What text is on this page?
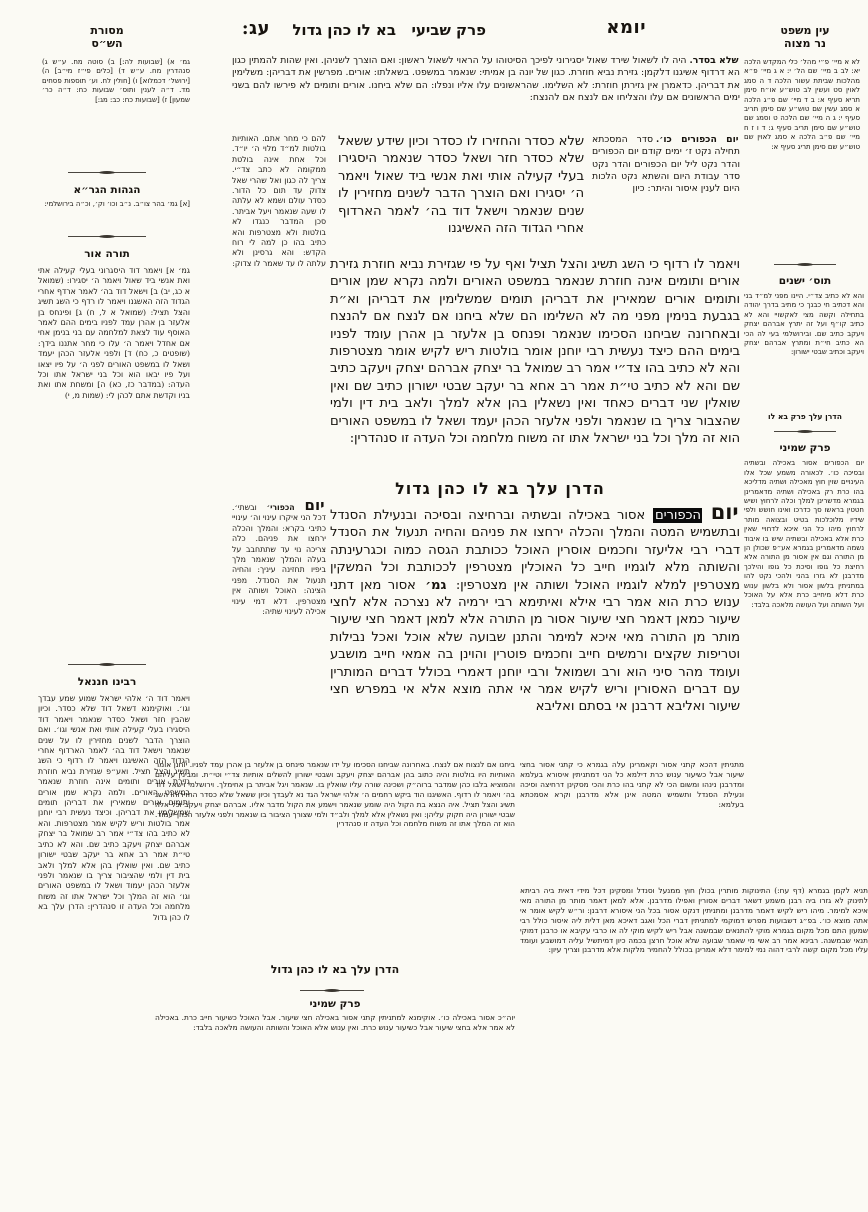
עג: בא לו כהן גדול פרק שביעי	יומא
מסורת
הש״ס
גמ׳ א) [שבועות לה:] ב) סוטה מח. ע״ש ג) סנהדרין מח. ע״ש ד) [כלים פי״ז מי״ב] ה) [ירושל׳ דכמלוא] ו) [חולין לח. וע׳ תוספות פסחים מד. ד״ה לענין ותוס׳ שבועות כח: ד״ה כר׳ שמעון] ז) [שבועות כח: כב: מג:]
הגהות הגר״א
[א] גמ׳ בהר צו״ב. נ״ב וכו׳ וק׳, וכ״ה בירושלמי:
תורה אור
גמ׳ א] ויאמר דוד היסגרוני בעלי קעילה אתי ואת אנשי ביד שאול ויאמר ה׳ יסגירו: (שמואל א כג, יב) ב] וישאל דוד בה׳ לאמר ארדף אחרי הגדוד הזה האשגנו ויאמר לו רדף כי השג תשיג והצל תציל: (שמואל א ל, ח) ג] ופינחס בן אלעזר בן אהרן עמד לפניו בימים ההם לאמר האוסף עוד לצאת למלחמה עם בני בנימן אחי אם אחדל ויאמר ה׳ עלו כי מחר אתננו בידך: (שופטים כ, כח) ד] ולפני אלעזר הכהן יעמד ושאל לו במשפט האורים לפני ה׳ על פיו יצאו ועל פיו יבאו הוא וכל בני ישראל אתו וכל העדה: (במדבר כז, כא) ה] ומשחת אתו ואת בניו וקדשת אתם לכהן לי: (שמות מ, י)
רבינו חננאל
ויאמר דוד ה׳ אלהי ישראל שמוע שמע עבדך וגו׳. ואוקימנא דשאל דוד שלא כסדר. וכיון שהבין חזר ושאל כסדר שנאמר ויאמר דוד היסגירו בעלי קעילה אותי ואת אנשי וגו׳. ואם הוצרך הדבר לשנים מחזירין לו על שנים שנאמר וישאל דוד בה׳ לאמר הארדוף אחרי הגדוד הזה האשיגנו ויאמר לו רדוף כי השג תשיג והצל תציל. ואע״פ שגזירת נביא חוזרת גזירת אורים ותומים אינה חוזרת שנאמר במשפט האורים. ולמה נקרא שמן אורים ותומים אורים שמאירין את דבריהן תומים שמשלימין את דבריהן. וכיצד נעשית רבי יוחנן אמר בולטות וריש לקיש אמר מצטרפות. והא לא כתיב בהו צד״י אמר רב שמואל בר יצחק אברהם יצחק ויעקב כתיב שם. והא לא כתיב טי״ת אמר רב אחא בר יעקב שבטי ישורון כתיב שם. ואין שואלין בהן אלא למלך ולאב בית דין ולמי שהציבור צריך בו שנאמר ולפני אלעזר הכהן יעמוד ושאל לו במשפט האורים וגו׳ הוא זה המלך וכל ישראל אתו זה משוח מלחמה וכל העדה זו סנהדרין: הדרן עלך בא לו כהן גדול
עין משפט
נר מצוה
לא א מיי׳ פ״י מהל׳ כלי המקדש הלכה יא: לב ב מיי׳ שם הל׳ י: א ג מיי׳ פ״א מהלכות שביתת עשור הלכה ד ה סמג לאוין סט ועשין לב טוש״ע או״ח סימן תריא סעיף א: ב ד מיי׳ שם פ״ג הלכה א סמג עשין שם טוש״ע שם סימן תריב סעיף י: ג ה מיי׳ שם הלכה ט וסמג שם טוש״ע שם סימן תריב סעיף ג: ד ו ז ח מיי׳ שם פ״ב הלכה א סמג לאוין שם טוש״ע שם סימן תריג סעיף א:
תוס׳ ישנים
והא לא כתיב צד״י. היינו מפני למ״ד בני והא דכתיב חי כבנך כי מתיב בדרך יהודה בתחילה וקשה מצי לאקשויי והא לא כתיב קו״ף ועל זה יתרץ אברהם יצחק ויעקב כתיב שם. ובירושלמי בעי לה הכי הא כתיב חי״ת ומתרץ אברהם יצחק ויעקב וכתיב שבטי ישורון:
הדרן עלך פרק בא לו
פרק שמיני
יום הכפורים אסור באכילה ובשתיה ובסיכה כו׳. לכאורה משמע שכל אלו העינויים שוין חוץ מאכילה ושתיה מדליכא בהו כרת רק באכילה ושתיה מדאמרינן בגמרא מדשרינן למלך וכלה לרחוץ ושיש חטטין בראשו סך כדרכו ואינו חושש ולפי שידיו מלוכלכות בטיט ובצואה מותר לרחוץ מיהו כל הני איכא לדחויי שאין כרת אלא באכילה ובשתיה שיש בו איבוד נשמה מדאמרינן בגמרא אע״פ שכולן הן מן התורה וגם אין אסור מן התורה אלא רחיצת כל גופו וסיכת כל גופו והילכך מדרבנן לא גזרו בהני ולהכי נקט להו במתניתין בלשון אסור ולא בלשון ענוש כרת דלא מיחייב כרת אלא על האוכל ועל השותה ועל העושה מלאכה בלבד:
שלא בסדר.היה לו לשאול שירד שאול יסגירוני לפיכך הסיטוהו על הראוי לשאול ראשון: ואם הוצרך לשניהן. ואין שהות להמתין כגון הא דרדוף אשיגנו דלקמן: גזירת נביא חוזרת. כגון של יונה בן אמיתי: שנאמר במשפט. בשאלתו: אורים. מפרשין את דבריהן: משלימין את דבריהן. כדאמרן אין גזירתן חוזרת: לא השלימו. שהראשונים עלו אליו ונפלו: הם שלא ביחנו. אורים ותומים לא פירשו להם בשני ימים הראשונים אם עלו והצליחו אם לנצח אם להנצח:
להם כי מחר אתם. האותיות בולטות למ״ד מלוי ה׳ יו״ד. וכל אחת אינה בולטת ממקומה לא כתב צד״י. צריך לה כגון ואל שהרי שאל צדוק עד תום כל הדור. כסדר עולם ושמא לא עלתה לו שעה שנאמר ויעל אביתר. סכן המדבר כנגדו לא בולטות ולא מצטרפות והא כתיב בהו כן למה לי רוח הקדש: והא גרסינן ולא עלתה לו עד שאמר לו צדוק:
שלא כסדר והחזירו לו כסדר וכיון שידע ששאל שלא כסדר חזר ושאל כסדר שנאמר היסגירו בעלי קעילה אותי ואת אנשי ביד שאול ויאמר ה׳ יסגירו ואם הוצרך הדבר לשנים מחזירין לו שנים שנאמר וישאל דוד בה׳ לאמר הארדוף אחרי הגדוד הזה האשיגנו
יום הכפורים כו׳.סדר המסכתא תחילה נקט ז׳ ימים קודם יום הכפורים והדר נקט ליל יום הכפורים והדר נקט סדר עבודת היום והשתא נקט הלכות היום לענין איסור והיתר: כיון
ויאמר לו רדוף כי השג תשיג והצל תציל ואף על פי שגזירת נביא חוזרת גזירת אורים ותומים אינה חוזרת שנאמר במשפט האורים ולמה נקרא שמן אורים ותומים אורים שמאירין את דבריהן תומים שמשלימין את דבריהן וא״ת בגבעת בנימין מפני מה לא השלימו הם שלא ביחנו אם לנצח אם להנצח ובאחרונה שביחנו הסכימו שנאמר ופנחס בן אלעזר בן אהרן עומד לפניו בימים ההם כיצד נעשית רבי יוחנן אומר בולטות ריש לקיש אומר מצטרפות והא לא כתיב בהו צד״י אמר רב שמואל בר יצחק אברהם יצחק ויעקב כתיב שם והא לא כתיב טי״ת אמר רב אחא בר יעקב שבטי ישורון כתיב שם ואין שואלין שני דברים כאחד ואין נשאלין בהן אלא למלך ולאב בית דין ולמי שהצבור צריך בו שנאמר ולפני אלעזר הכהן יעמד ושאל לו במשפט האורים הוא זה מלך וכל בני ישראל אתו זה משוח מלחמה וכל העדה זו סנהדרין:
הדרן עלך בא לו כהן גדול
יום הכפורים אסור באכילה ובשתיה וברחיצה ובסיכה ובנעילת הסנדל ובתשמיש המטה והמלך והכלה ירחצו את פניהם והחיה תנעול את הסנדל דברי רבי אליעזר וחכמים אוסרין האוכל ככותבת הגסה כמוה וכגרעינתה והשותה מלא לוגמיו חייב כל האוכלין מצטרפין לככותבת וכל המשקין מצטרפין למלא לוגמיו האוכל ושותה אין מצטרפין: גמ׳ אסור מאן דתני ענוש כרת הוא אמר רבי אילא ואיתימא רבי ירמיה לא נצרכה אלא לחצי שיעור כמאן דאמר חצי שיעור אסור מן התורה אלא למאן דאמר חצי שיעור מותר מן התורה מאי איכא למימר והתנן שבועה שלא אוכל ואכל נבילות וטריפות שקצים ורמשים חייב וחכמים פוטרין והוינן בה אמאי חייב מושבע ועומד מהר סיני הוא ורב ושמואל ורבי יוחנן דאמרי בכולל דברים המותרין עם דברים האסורין וריש לקיש אמר אי אתה מוצא אלא אי במפרש חצי שיעור ואליבא דרבנן אי בסתם ואליבא
יום הכפורי׳ ובשתי׳. דכל הני איקרו עינוי וה׳ עינויי כתיבי בקרא: והמלך והכלה ירחצו את פניהם. כלה צריכה נוי עד שתתחבב על בעלה והמלך שנאמר מלך ביפיו תחזינה עיניך: והחיה תנעול את הסנדל. מפני הצינה: האוכל ושותה אין מצטרפין. דלא דמי עינוי אכילה לעינוי שתיה:
ביחנו אם לנצוח אם לנצח. באחרונה שביחנו הסכימו על ידו שנאמר פינחס בן אלעזר בן אהרן עמד לפניו. יוחנן אומר האותיות היו בולטות והיה כתוב בהן אברהם יצחק ויעקב ושבטי ישורון להשלים אותיות צד״י וטי״ת. ומבינין עליהם והמוציא בלבו כהן שמדבר ברוה״ק ושכינה שורה עליו שואלין בו. שנאמר ויגל אביתר בן אחימלך. וירושלמי וישאל דוד בה׳ ויאמר לו רדוף. האשיגנו הוד ביקש רחמים ה׳ אלהי ישראל הגד נא לעבדך וכיון ששאל שלא כסדר החזירוהו השג תשיג והצל תציל. איה הנצא בת הקול היה שומע שנאמר וישמע את הקול מדבר אליו. אברהם יצחק ויעקב וכל אלה שבטי ישורון היה חקוק עליהן: ואין נשאלין אלא למלך ולב״ד ולמי שצורך הציבור בו שנאמר ולפני אלעזר הכהן יעמוד. הוא זה המלך אתו זה משוח מלחמה וכל העדה זו סנהדרין
הדרן עלך בא לו כהן גדול
פרק שמיני
יוה״כ אסור באכילה כו׳. אוקימנא למתניתין קתני אסור באכילה חצי שיעור. אבל האוכל כשיעור חייב כרת. באכילה לא אמר אלא בחצי שיעור אבל כשיעור ענוש כרת. ואין ענוש אלא האוכל והשותה והעושה מלאכה בלבד:
מתניתין דהכא קתני אסור וקאמרינן עלה בגמרא כי קתני אסור בחצי שיעור אבל כשיעור ענוש כרת דילמא כל הני דמתניתין איסורא בעלמא ומדרבנן נינהו ומשום הכי לא קתני בהו כרת והכי מסקינן דרחיצה וסיכה ונעילת הסנדל ותשמיש המטה אינן אלא מדרבנן וקרא אסמכתא בעלמא:
תניא לקמן בגמרא (דף עח:) התינוקות מותרין בכולן חוץ ממנעל וסנדל ומסקינן דכל מידי דאית ביה רביתא לתינוק לא גזרו ביה רבנן משמע דשאר דברים אסורין ואפילו מדרבנן. אלא למאן דאמר מותר מן התורה מאי איכא למימר. מיהו ריש לקיש דאמר מדרבנן ומתניתין דנקט אסור בכל הני איסורא דרבנן: ור״ש לקיש אומר אי אתה מוצא כו׳. בפ״ג דשבועות מפרש דמוקמי למתניתין דברי הכל ואגב דאיכא מאן דלית ליה איסור כולל רבי שמעון התם מכל מקום בגמרא מוקי להתנאים שבמשנה אבל ריש לקיש מוקי לה או כרבי עקיבא או כרבנן דמוקי תנאי שבמשנה. רבינא אמר רב אשי מי שאמר שבועה שלא אוכל חרצן בכמה כיון דמיתשיל עליה דמושבע ועומד עליו מכל מקום קשה לרבי דהוה נמי למימר דלא אמרינן בכולל להחמיר מלקות אלא מדרבנן וצריך עיון:
